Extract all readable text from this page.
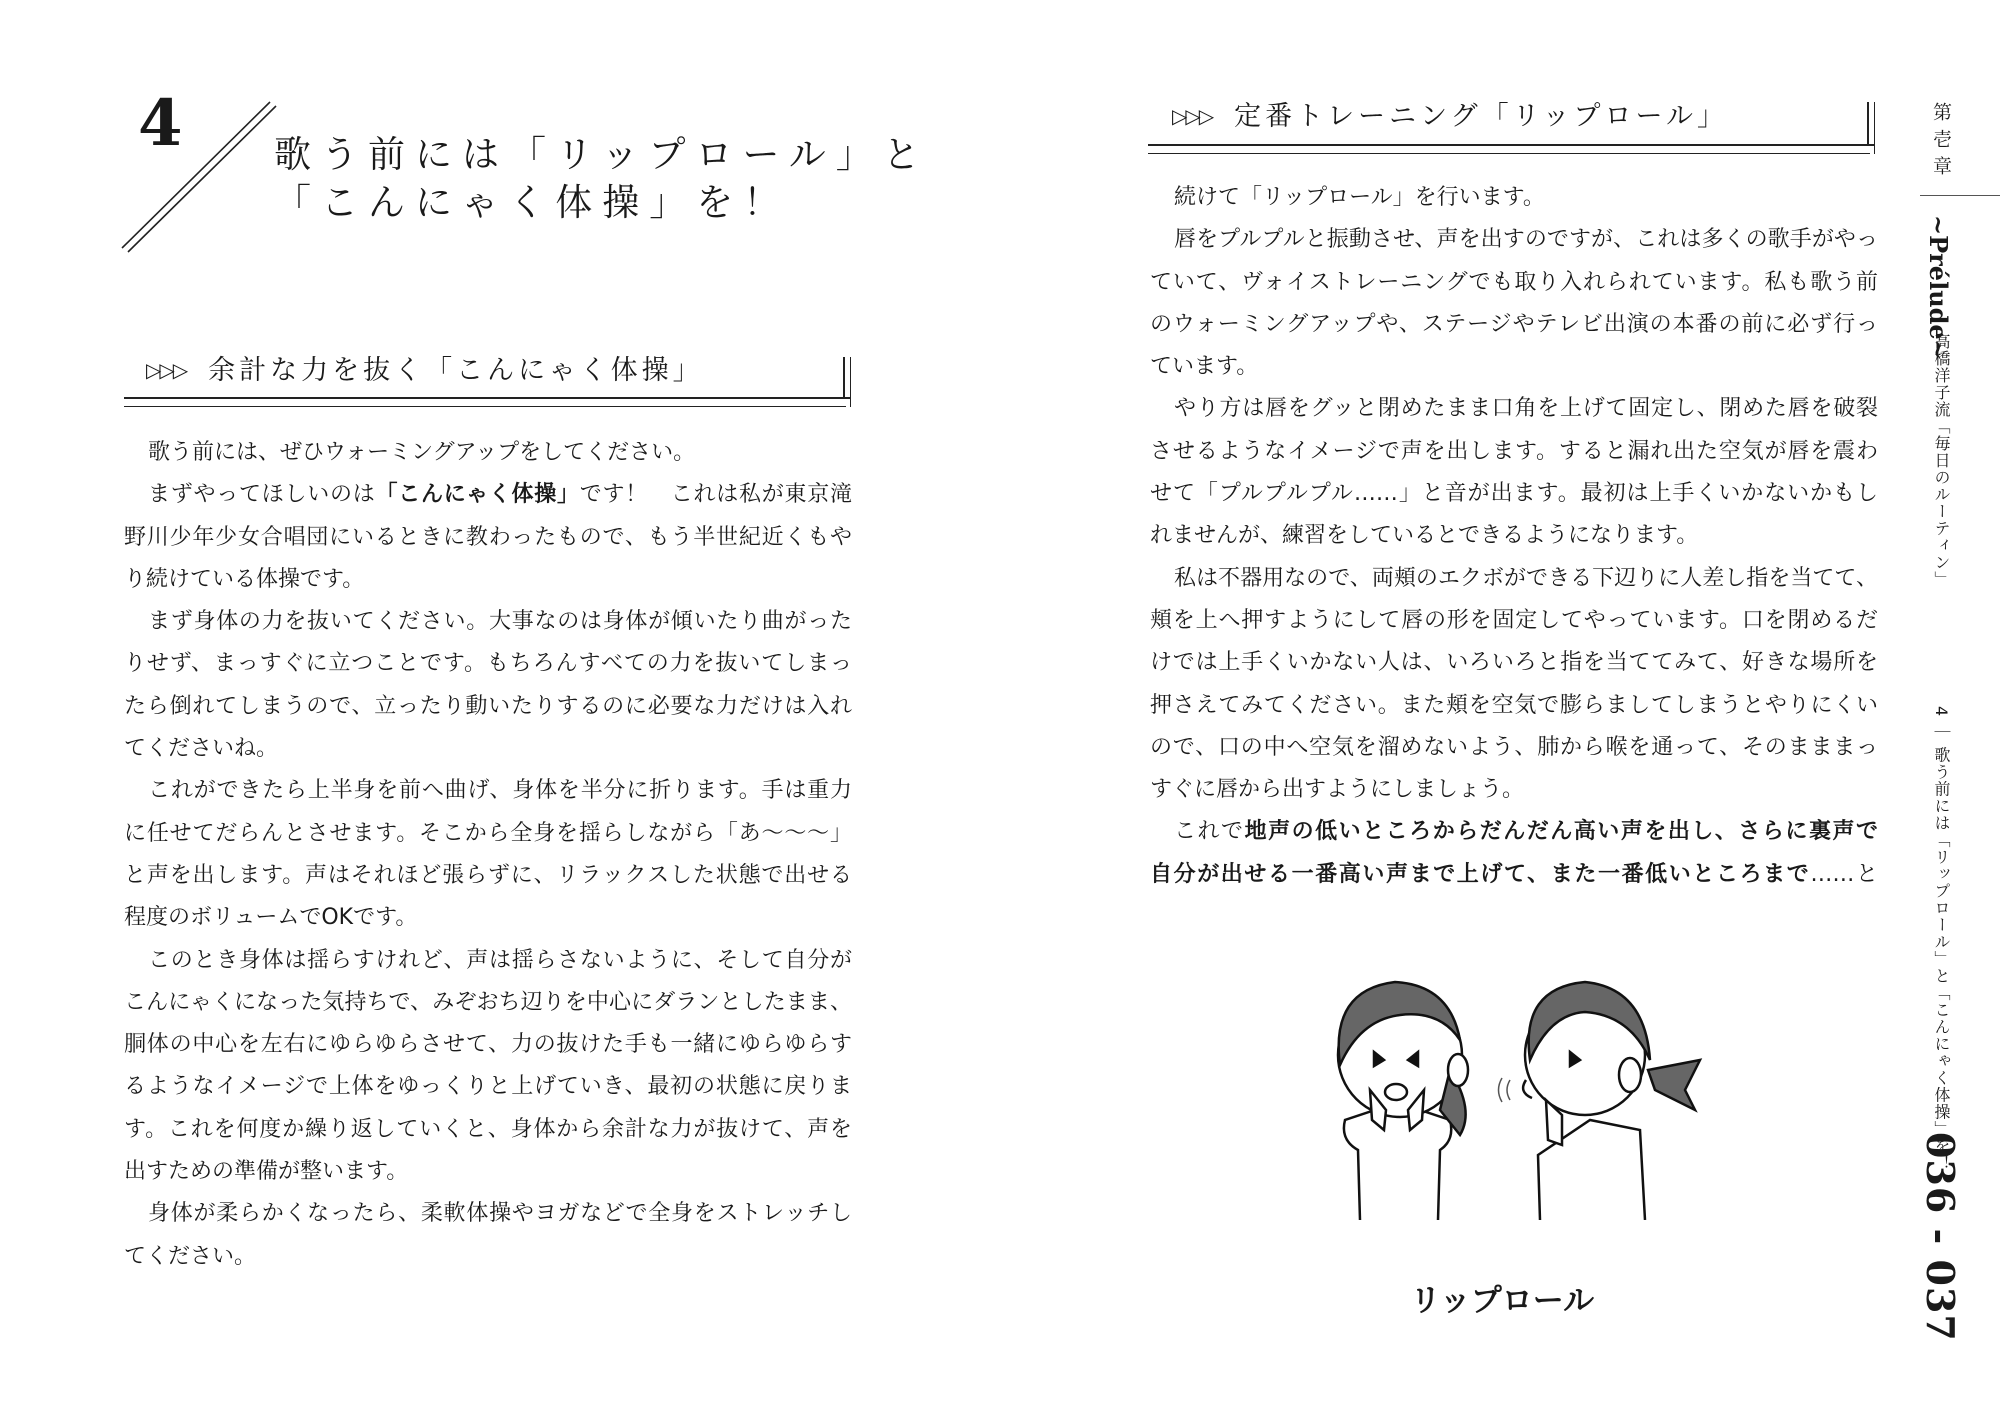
4 歌う前には「リップロール」と
「こんにゃく体操」を！
▷▷▷ 余計な力を抜く「こんにゃく体操」
歌う前には、ぜひウォーミングアップをしてください。
まずやってほしいのは「こんにゃく体操」です！　これは私が東京滝
野川少年少女合唱団にいるときに教わったもので、もう半世紀近くもや
り続けている体操です。
まず身体の力を抜いてください。大事なのは身体が傾いたり曲がった
りせず、まっすぐに立つことです。もちろんすべての力を抜いてしまっ
たら倒れてしまうので、立ったり動いたりするのに必要な力だけは入れ
てくださいね。
これができたら上半身を前へ曲げ、身体を半分に折ります。手は重力
に任せてだらんとさせます。そこから全身を揺らしながら「あ〜〜〜」
と声を出します。声はそれほど張らずに、リラックスした状態で出せる
程度のボリュームでOKです。
このとき身体は揺らすけれど、声は揺らさないように、そして自分が
こんにゃくになった気持ちで、みぞおち辺りを中心にダランとしたまま、
胴体の中心を左右にゆらゆらさせて、力の抜けた手も一緒にゆらゆらす
るようなイメージで上体をゆっくりと上げていき、最初の状態に戻りま
す。これを何度か繰り返していくと、身体から余計な力が抜けて、声を
出すための準備が整います。
身体が柔らかくなったら、柔軟体操やヨガなどで全身をストレッチし
てください。
▷▷▷ 定番トレーニング「リップロール」
続けて「リップロール」を行います。
唇をプルプルと振動させ、声を出すのですが、これは多くの歌手がやっ
ていて、ヴォイストレーニングでも取り入れられています。私も歌う前
のウォーミングアップや、ステージやテレビ出演の本番の前に必ず行っ
ています。
やり方は唇をグッと閉めたまま口角を上げて固定し、閉めた唇を破裂
させるようなイメージで声を出します。すると漏れ出た空気が唇を震わ
せて「プルプルプル……」と音が出ます。最初は上手くいかないかもし
れませんが、練習をしているとできるようになります。
私は不器用なので、両頬のエクボができる下辺りに人差し指を当てて、
頬を上へ押すようにして唇の形を固定してやっています。口を閉めるだ
けでは上手くいかない人は、いろいろと指を当ててみて、好きな場所を
押さえてみてください。また頬を空気で膨らましてしまうとやりにくい
ので、口の中へ空気を溜めないよう、肺から喉を通って、そのまままっ
すぐに唇から出すようにしましょう。
これで地声の低いところからだんだん高い声を出し、さらに裏声で
自分が出せる一番高い声まで上げて、また一番低いところまで……と
リップロール
第壱章
~Prélude~
高橋洋子流「毎日のルーティン」
4 ｜ 歌う前には「リップロール」と「こんにゃく体操」を！
036 - 037
